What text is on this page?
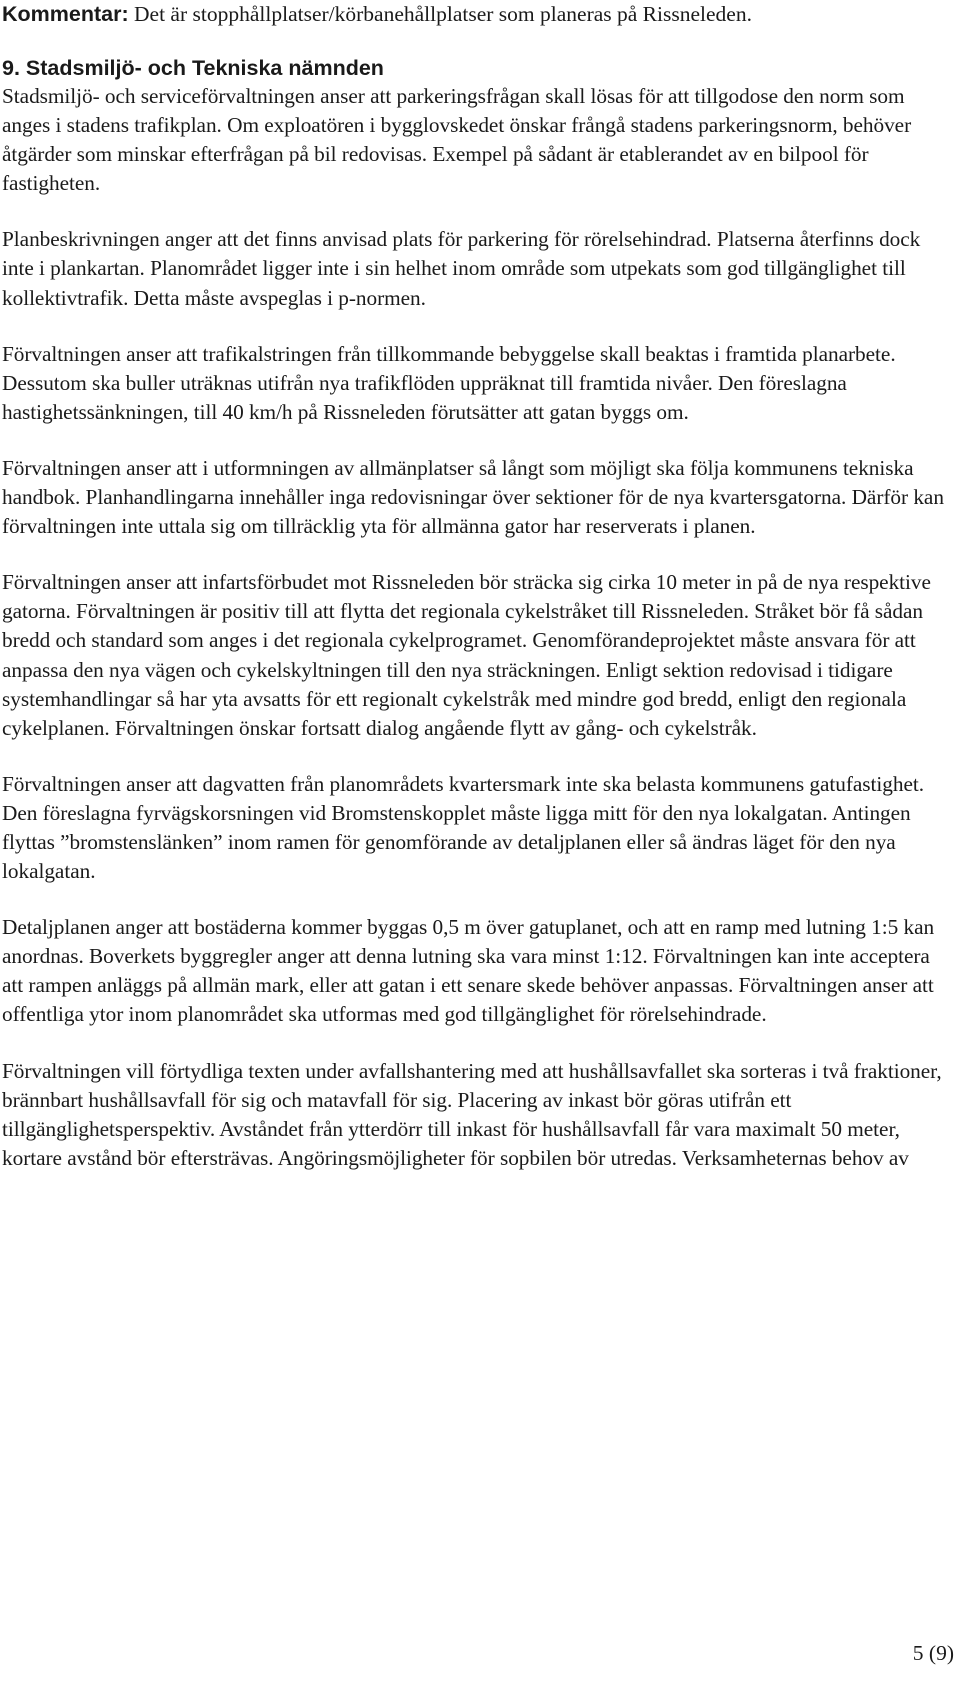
Kommentar: Det är stopphållplatser/körbanehållplatser som planeras på Rissneleden.

9. Stadsmiljö- och Tekniska nämnden

Stadsmiljö- och serviceförvaltningen anser att parkeringsfrågan skall lösas för att tillgodose den norm som anges i stadens trafikplan. Om exploatören i bygglovskedet önskar frångå stadens parkeringsnorm, behöver åtgärder som minskar efterfrågan på bil redovisas. Exempel på sådant är etablerandet av en bilpool för fastigheten.

Planbeskrivningen anger att det finns anvisad plats för parkering för rörelsehindrad. Platserna återfinns dock inte i plankartan. Planområdet ligger inte i sin helhet inom område som utpekats som god tillgänglighet till kollektivtrafik. Detta måste avspeglas i p-normen.

Förvaltningen anser att trafikalstringen från tillkommande bebyggelse skall beaktas i framtida planarbete. Dessutom ska buller uträknas utifrån nya trafikflöden uppräknat till framtida nivåer. Den föreslagna hastighetssänkningen, till 40 km/h på Rissneleden förutsätter att gatan byggs om.

Förvaltningen anser att i utformningen av allmänplatser så långt som möjligt ska följa kommunens tekniska handbok. Planhandlingarna innehåller inga redovisningar över sektioner för de nya kvartersgatorna. Därför kan förvaltningen inte uttala sig om tillräcklig yta för allmänna gator har reserverats i planen.

Förvaltningen anser att infartsförbudet mot Rissneleden bör sträcka sig cirka 10 meter in på de nya respektive gatorna. Förvaltningen är positiv till att flytta det regionala cykelstråket till Rissneleden. Stråket bör få sådan bredd och standard som anges i det regionala cykelprogramet. Genomförandeprojektet måste ansvara för att anpassa den nya vägen och cykelskyltningen till den nya sträckningen. Enligt sektion redovisad i tidigare systemhandlingar så har yta avsatts för ett regionalt cykelstråk med mindre god bredd, enligt den regionala cykelplanen. Förvaltningen önskar fortsatt dialog angående flytt av gång- och cykelstråk.

Förvaltningen anser att dagvatten från planområdets kvartersmark inte ska belasta kommunens gatufastighet. Den föreslagna fyrvägskorsningen vid Bromstenskopplet måste ligga mitt för den nya lokalgatan. Antingen flyttas ”bromstenslänken” inom ramen för genomförande av detaljplanen eller så ändras läget för den nya lokalgatan.

Detaljplanen anger att bostäderna kommer byggas 0,5 m över gatuplanet, och att en ramp med lutning 1:5 kan anordnas. Boverkets byggregler anger att denna lutning ska vara minst 1:12. Förvaltningen kan inte acceptera att rampen anläggs på allmän mark, eller att gatan i ett senare skede behöver anpassas. Förvaltningen anser att offentliga ytor inom planområdet ska utformas med god tillgänglighet för rörelsehindrade.

Förvaltningen vill förtydliga texten under avfallshantering med att hushållsavfallet ska sorteras i två fraktioner, brännbart hushållsavfall för sig och matavfall för sig. Placering av inkast bör göras utifrån ett tillgänglighetsperspektiv. Avståndet från ytterdörr till inkast för hushållsavfall får vara maximalt 50 meter, kortare avstånd bör eftersträvas. Angöringsmöjligheter för sopbilen bör utredas. Verksamheternas behov av

5 (9)
